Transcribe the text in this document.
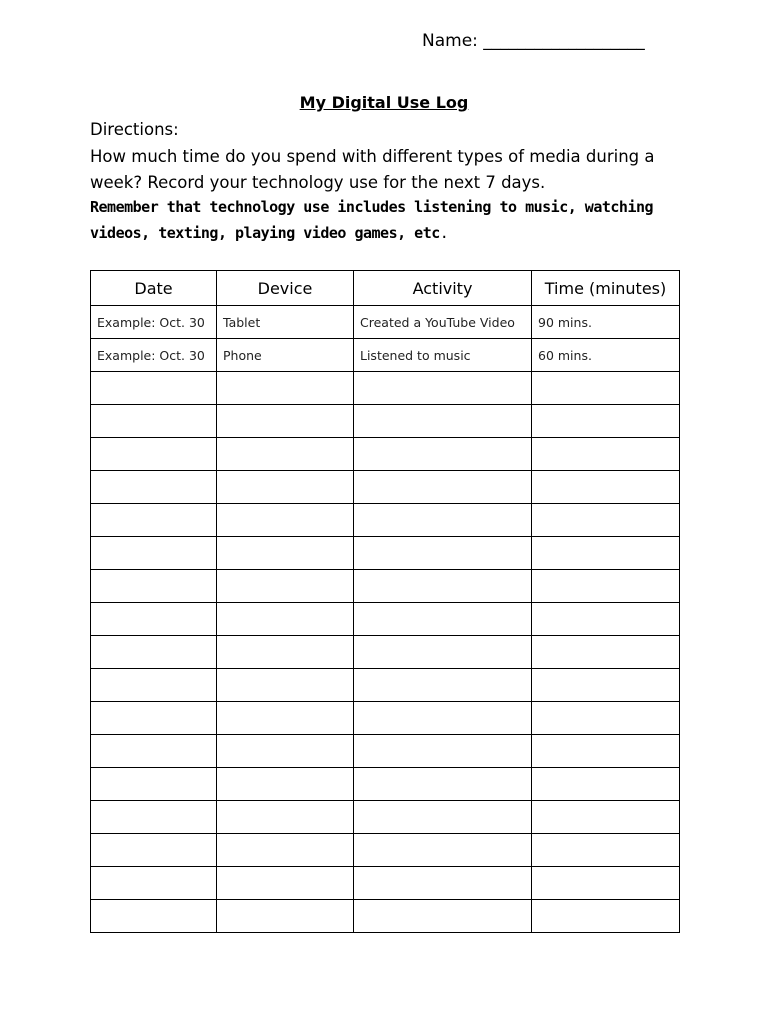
Name: ___________________
My Digital Use Log
Directions:
How much time do you spend with different types of media during a week? Record your technology use for the next 7 days.
Remember that technology use includes listening to music, watching videos, texting, playing video games, etc.
Date	Device	Activity	Time (minutes)
Example: Oct. 30	Tablet	Created a YouTube Video	90 mins.
Example: Oct. 30	Phone	Listened to music	60 mins.
